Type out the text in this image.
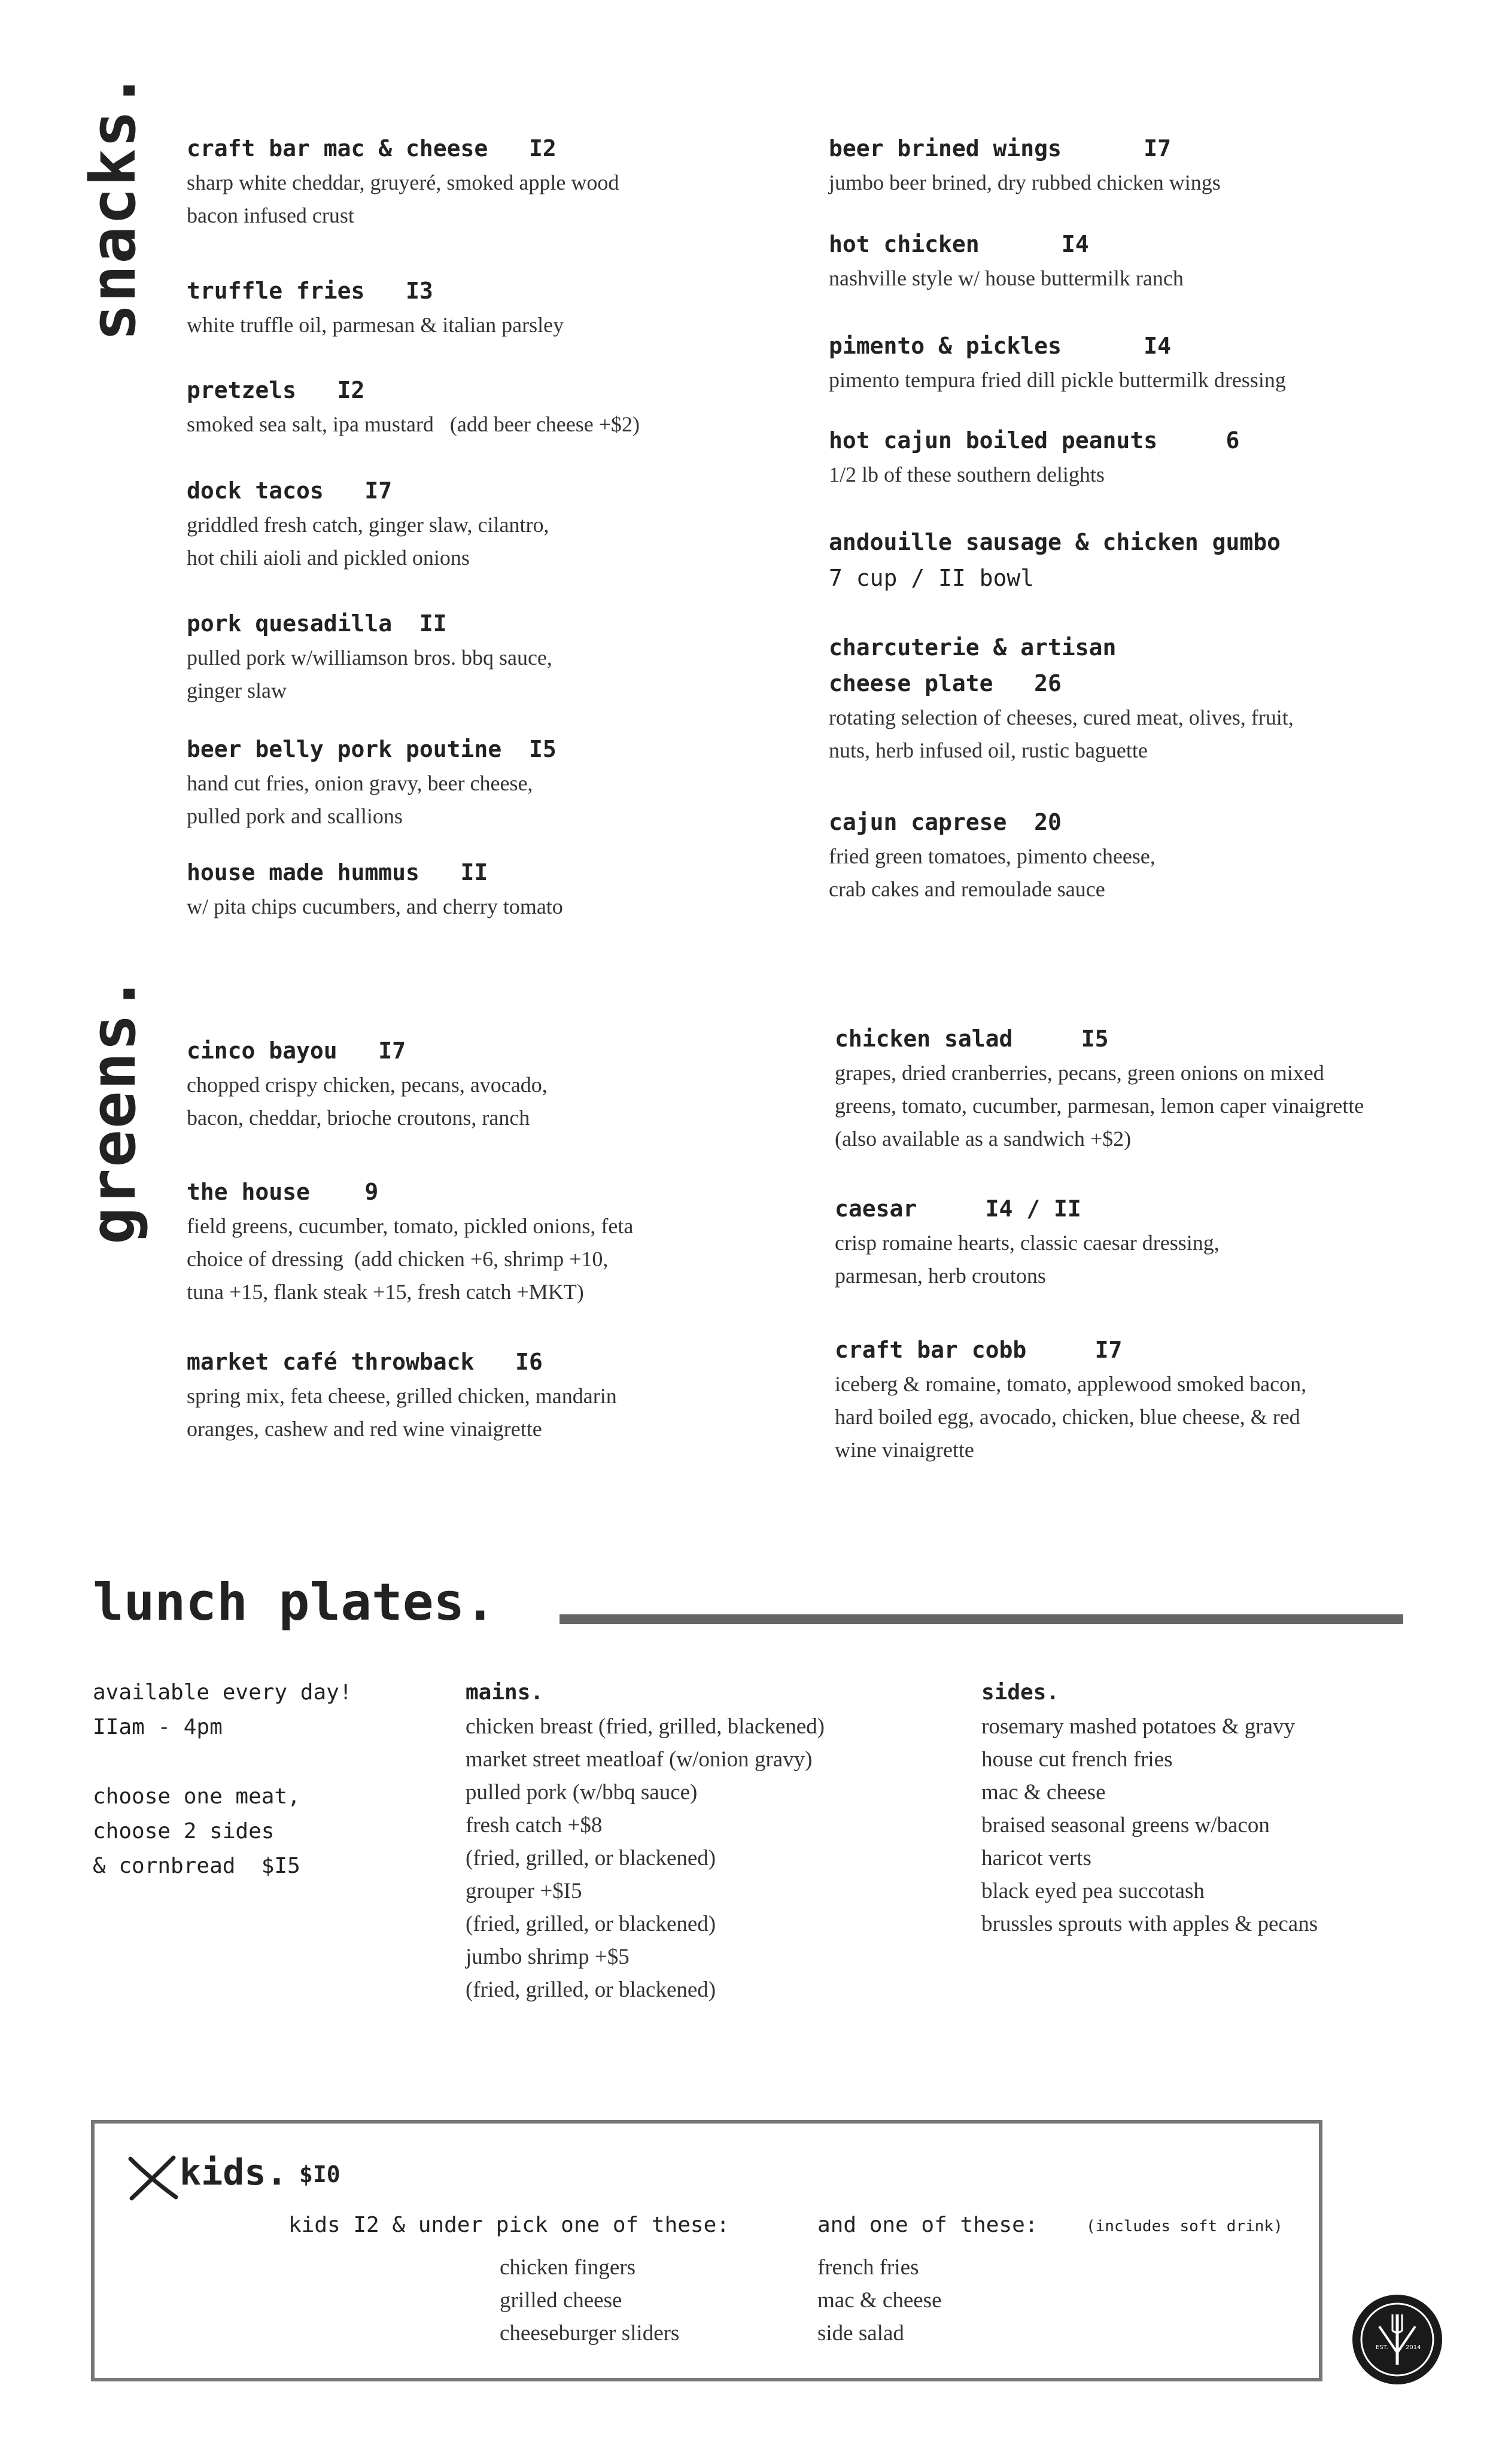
snacks. craft bar mac & cheese   I2
sharp white cheddar, gruyeré, smoked apple wood
bacon infused crust
truffle fries   I3
white truffle oil, parmesan & italian parsley
pretzels   I2
smoked sea salt, ipa mustard   (add beer cheese +$2)
dock tacos   I7
griddled fresh catch, ginger slaw, cilantro,
hot chili aioli and pickled onions
pork quesadilla  II
pulled pork w/williamson bros. bbq sauce,
ginger slaw
beer belly pork poutine  I5
hand cut fries, onion gravy, beer cheese,
pulled pork and scallions
house made hummus   II
w/ pita chips cucumbers, and cherry tomato
beer brined wings      I7
jumbo beer brined, dry rubbed chicken wings
hot chicken      I4
nashville style w/ house buttermilk ranch
pimento & pickles      I4
pimento tempura fried dill pickle buttermilk dressing
hot cajun boiled peanuts     6
1/2 lb of these southern delights
andouille sausage & chicken gumbo
7 cup / II bowl
charcuterie & artisan
cheese plate   26
rotating selection of cheeses, cured meat, olives, fruit,
nuts, herb infused oil, rustic baguette
cajun caprese  20
fried green tomatoes, pimento cheese,
crab cakes and remoulade sauce
greens. cinco bayou   I7
chopped crispy chicken, pecans, avocado,
bacon, cheddar, brioche croutons, ranch
the house    9
field greens, cucumber, tomato, pickled onions, feta
choice of dressing  (add chicken +6, shrimp +10,
tuna +15, flank steak +15, fresh catch +MKT)
market café throwback   I6
spring mix, feta cheese, grilled chicken, mandarin
oranges, cashew and red wine vinaigrette
chicken salad     I5
grapes, dried cranberries, pecans, green onions on mixed
greens, tomato, cucumber, parmesan, lemon caper vinaigrette
(also available as a sandwich +$2)
caesar     I4 / II
crisp romaine hearts, classic caesar dressing,
parmesan, herb croutons
craft bar cobb     I7
iceberg & romaine, tomato, applewood smoked bacon,
hard boiled egg, avocado, chicken, blue cheese, & red
wine vinaigrette
lunch plates.
available every day!
IIam - 4pm
choose one meat,
choose 2 sides
& cornbread  $I5
mains.
chicken breast (fried, grilled, blackened)
market street meatloaf (w/onion gravy)
pulled pork (w/bbq sauce)
fresh catch +$8
(fried, grilled, or blackened)
grouper +$I5
(fried, grilled, or blackened)
jumbo shrimp +$5
(fried, grilled, or blackened)
sides.
rosemary mashed potatoes & gravy
house cut french fries
mac & cheese
braised seasonal greens w/bacon
haricot verts
black eyed pea succotash
brussles sprouts with apples & pecans
kids. $I0
kids I2 & under pick one of these:	and one of these:	(includes soft drink)
chicken fingers
grilled cheese
cheeseburger sliders
french fries
mac & cheese
side salad
EST.	2014
